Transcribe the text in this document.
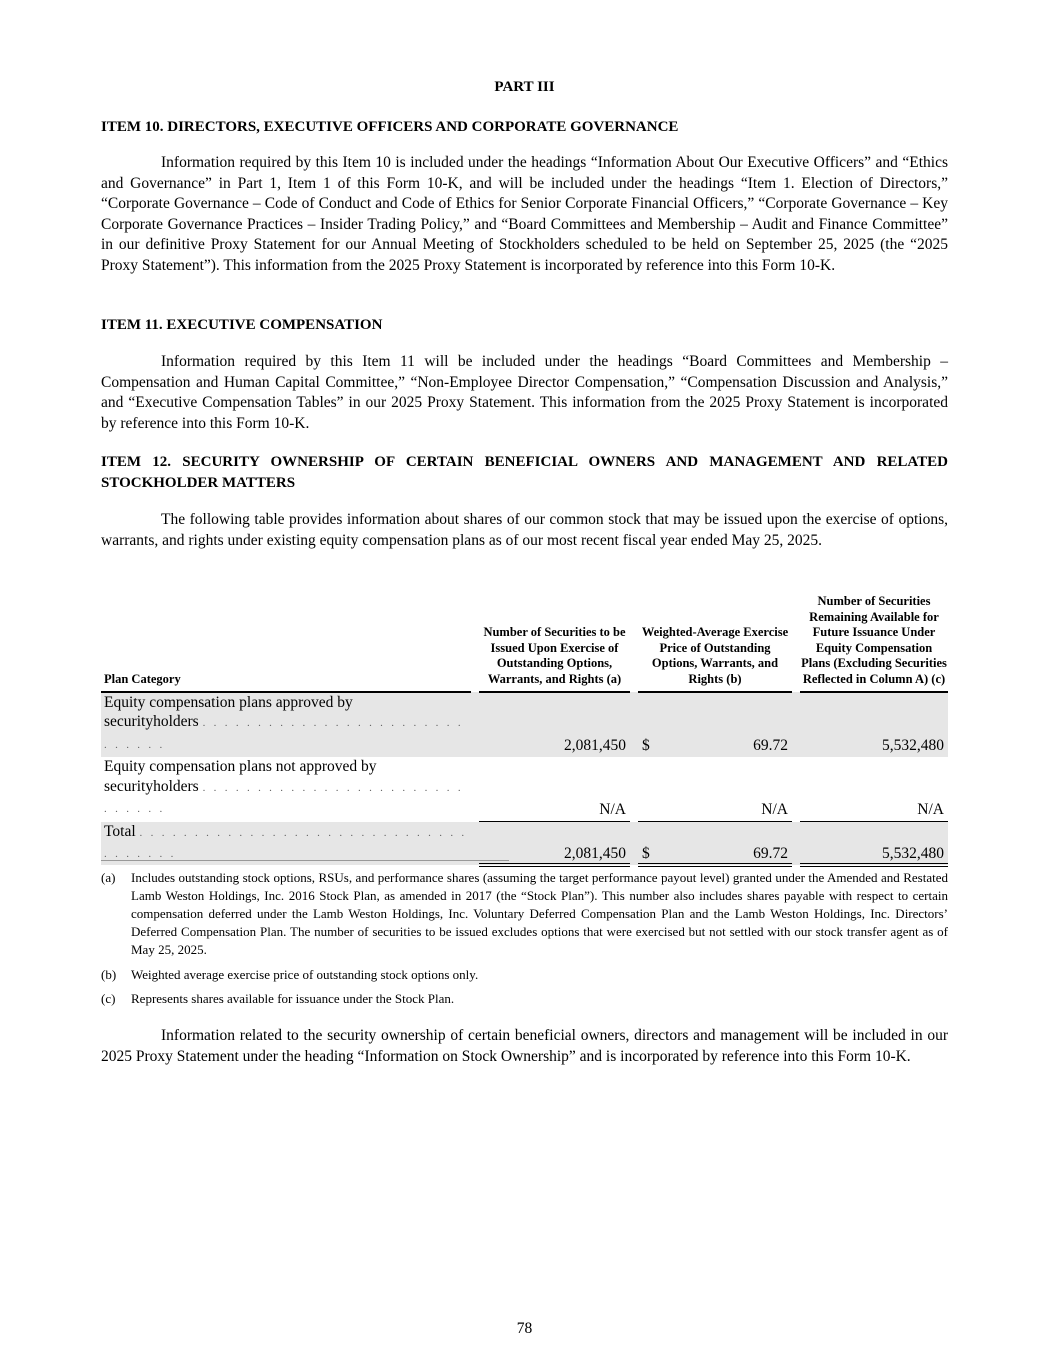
PART III
ITEM 10. DIRECTORS, EXECUTIVE OFFICERS AND CORPORATE GOVERNANCE

Information required by this Item 10 is included under the headings “Information About Our Executive Officers” and “Ethics and Governance” in Part 1, Item 1 of this Form 10-K, and will be included under the headings “Item 1. Election of Directors,” “Corporate Governance – Code of Conduct and Code of Ethics for Senior Corporate Financial Officers,” “Corporate Governance – Key Corporate Governance Practices – Insider Trading Policy,” and “Board Committees and Membership – Audit and Finance Committee” in our definitive Proxy Statement for our Annual Meeting of Stockholders scheduled to be held on September 25, 2025 (the “2025 Proxy Statement”). This information from the 2025 Proxy Statement is incorporated by reference into this Form 10-K.

ITEM 11. EXECUTIVE COMPENSATION

Information required by this Item 11 will be included under the headings “Board Committees and Membership – Compensation and Human Capital Committee,” “Non-Employee Director Compensation,” “Compensation Discussion and Analysis,” and “Executive Compensation Tables” in our 2025 Proxy Statement. This information from the 2025 Proxy Statement is incorporated by reference into this Form 10-K.

ITEM 12. SECURITY OWNERSHIP OF CERTAIN BENEFICIAL OWNERS AND MANAGEMENT AND RELATED STOCKHOLDER MATTERS

The following table provides information about shares of our common stock that may be issued upon the exercise of options, warrants, and rights under existing equity compensation plans as of our most recent fiscal year ended May 25, 2025.

Plan Category		Number of Securities to be Issued Upon Exercise of Outstanding Options, Warrants, and Rights (a)		Weighted-Average Exercise Price of Outstanding Options, Warrants, and Rights (b)			Number of Securities Remaining Available for Future Issuance Under Equity Compensation Plans (Excluding Securities Reflected in Column A) (c)
Equity compensation plans approved by
securityholders . . . . . . . . . . . . . . . . . . . . . . . . . . . . . .		2,081,450		$	69.72		5,532,480
Equity compensation plans not approved by
securityholders . . . . . . . . . . . . . . . . . . . . . . . . . . . . . .		N/A			N/A		N/A
Total . . . . . . . . . . . . . . . . . . . . . . . . . . . . . . . . . . . . .		2,081,450		$	69.72		5,532,480
(a) Includes outstanding stock options, RSUs, and performance shares (assuming the target performance payout level) granted under the Amended and Restated Lamb Weston Holdings, Inc. 2016 Stock Plan, as amended in 2017 (the “Stock Plan”). This number also includes shares payable with respect to certain compensation deferred under the Lamb Weston Holdings, Inc. Voluntary Deferred Compensation Plan and the Lamb Weston Holdings, Inc. Directors’ Deferred Compensation Plan. The number of securities to be issued excludes options that were exercised but not settled with our stock transfer agent as of May 25, 2025.
(b) Weighted average exercise price of outstanding stock options only.
(c) Represents shares available for issuance under the Stock Plan.

Information related to the security ownership of certain beneficial owners, directors and management will be included in our 2025 Proxy Statement under the heading “Information on Stock Ownership” and is incorporated by reference into this Form 10-K.

78
